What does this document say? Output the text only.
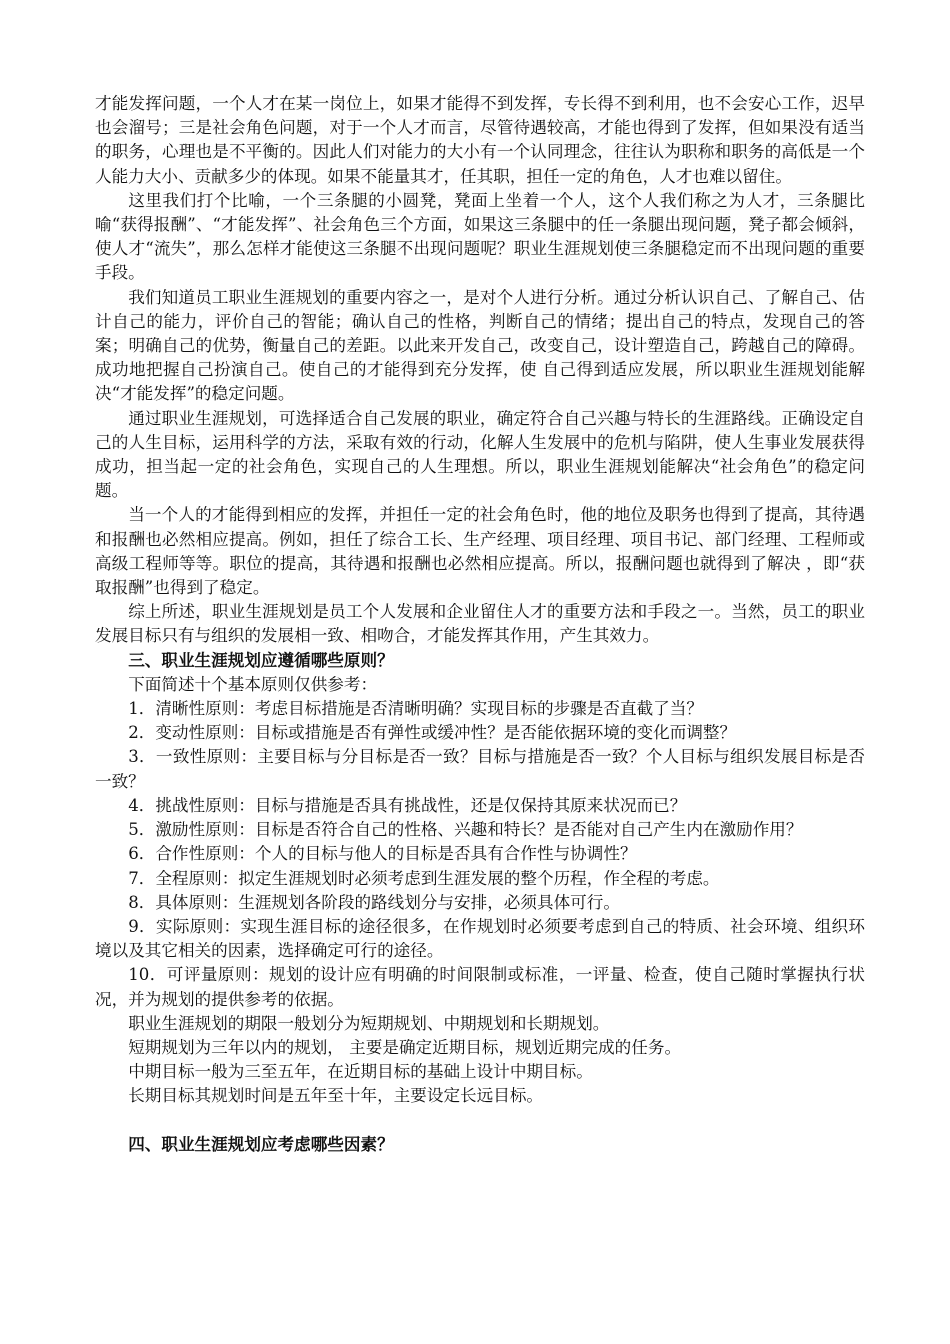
才能发挥问题，一个人才在某一岗位上，如果才能得不到发挥，专长得不到利用，也不会安心工作，迟早也会溜号；三是社会角色问题，对于一个人才而言，尽管待遇较高，才能也得到了发挥，但如果没有适当的职务，心理也是不平衡的。因此人们对能力的大小有一个认同理念，往往认为职称和职务的高低是一个人能力大小、贡献多少的体现。如果不能量其才，任其职，担任一定的角色，人才也难以留住。

这里我们打个比喻，一个三条腿的小圆凳，凳面上坐着一个人，这个人我们称之为人才，三条腿比喻“获得报酬”、“才能发挥”、社会角色三个方面，如果这三条腿中的任一条腿出现问题，凳子都会倾斜，使人才“流失”，那么怎样才能使这三条腿不出现问题呢？职业生涯规划使三条腿稳定而不出现问题的重要手段。

我们知道员工职业生涯规划的重要内容之一，是对个人进行分析。通过分析认识自己、了解自己、估计自己的能力，评价自己的智能；确认自己的性格，判断自己的情绪；提出自己的特点，发现自己的答案；明确自己的优势，衡量自己的差距。以此来开发自己，改变自己，设计塑造自己，跨越自己的障碍。成功地把握自己扮演自己。使自己的才能得到充分发挥，使 自己得到适应发展，所以职业生涯规划能解决“才能发挥”的稳定问题。

通过职业生涯规划，可选择适合自己发展的职业，确定符合自己兴趣与特长的生涯路线。正确设定自己的人生目标，运用科学的方法，采取有效的行动，化解人生发展中的危机与陷阱，使人生事业发展获得成功，担当起一定的社会角色，实现自己的人生理想。所以，职业生涯规划能解决“社会角色”的稳定问题。

当一个人的才能得到相应的发挥，并担任一定的社会角色时，他的地位及职务也得到了提高，其待遇和报酬也必然相应提高。例如，担任了综合工长、生产经理、项目经理、项目书记、部门经理、工程师或高级工程师等等。职位的提高，其待遇和报酬也必然相应提高。所以，报酬问题也就得到了解决 ，即“获取报酬”也得到了稳定。

综上所述，职业生涯规划是员工个人发展和企业留住人才的重要方法和手段之一。当然，员工的职业发展目标只有与组织的发展相一致、相吻合，才能发挥其作用，产生其效力。

三、职业生涯规划应遵循哪些原则？

下面简述十个基本原则仅供参考：

1．清晰性原则：考虑目标措施是否清晰明确？实现目标的步骤是否直截了当？

2．变动性原则：目标或措施是否有弹性或缓冲性？是否能依据环境的变化而调整？

3．一致性原则：主要目标与分目标是否一致？目标与措施是否一致？个人目标与组织发展目标是否一致？

4．挑战性原则：目标与措施是否具有挑战性，还是仅保持其原来状况而已？

5．激励性原则：目标是否符合自己的性格、兴趣和特长？是否能对自己产生内在激励作用？

6．合作性原则：个人的目标与他人的目标是否具有合作性与协调性？

7．全程原则：拟定生涯规划时必须考虑到生涯发展的整个历程，作全程的考虑。

8．具体原则：生涯规划各阶段的路线划分与安排，必须具体可行。

9．实际原则：实现生涯目标的途径很多，在作规划时必须要考虑到自己的特质、社会环境、组织环境以及其它相关的因素，选择确定可行的途径。

10．可评量原则：规划的设计应有明确的时间限制或标准，一评量、检查，使自己随时掌握执行状况，并为规划的提供参考的依据。

职业生涯规划的期限一般划分为短期规划、中期规划和长期规划。

短期规划为三年以内的规划， 主要是确定近期目标，规划近期完成的任务。

中期目标一般为三至五年，在近期目标的基础上设计中期目标。

长期目标其规划时间是五年至十年，主要设定长远目标。

四、职业生涯规划应考虑哪些因素？
